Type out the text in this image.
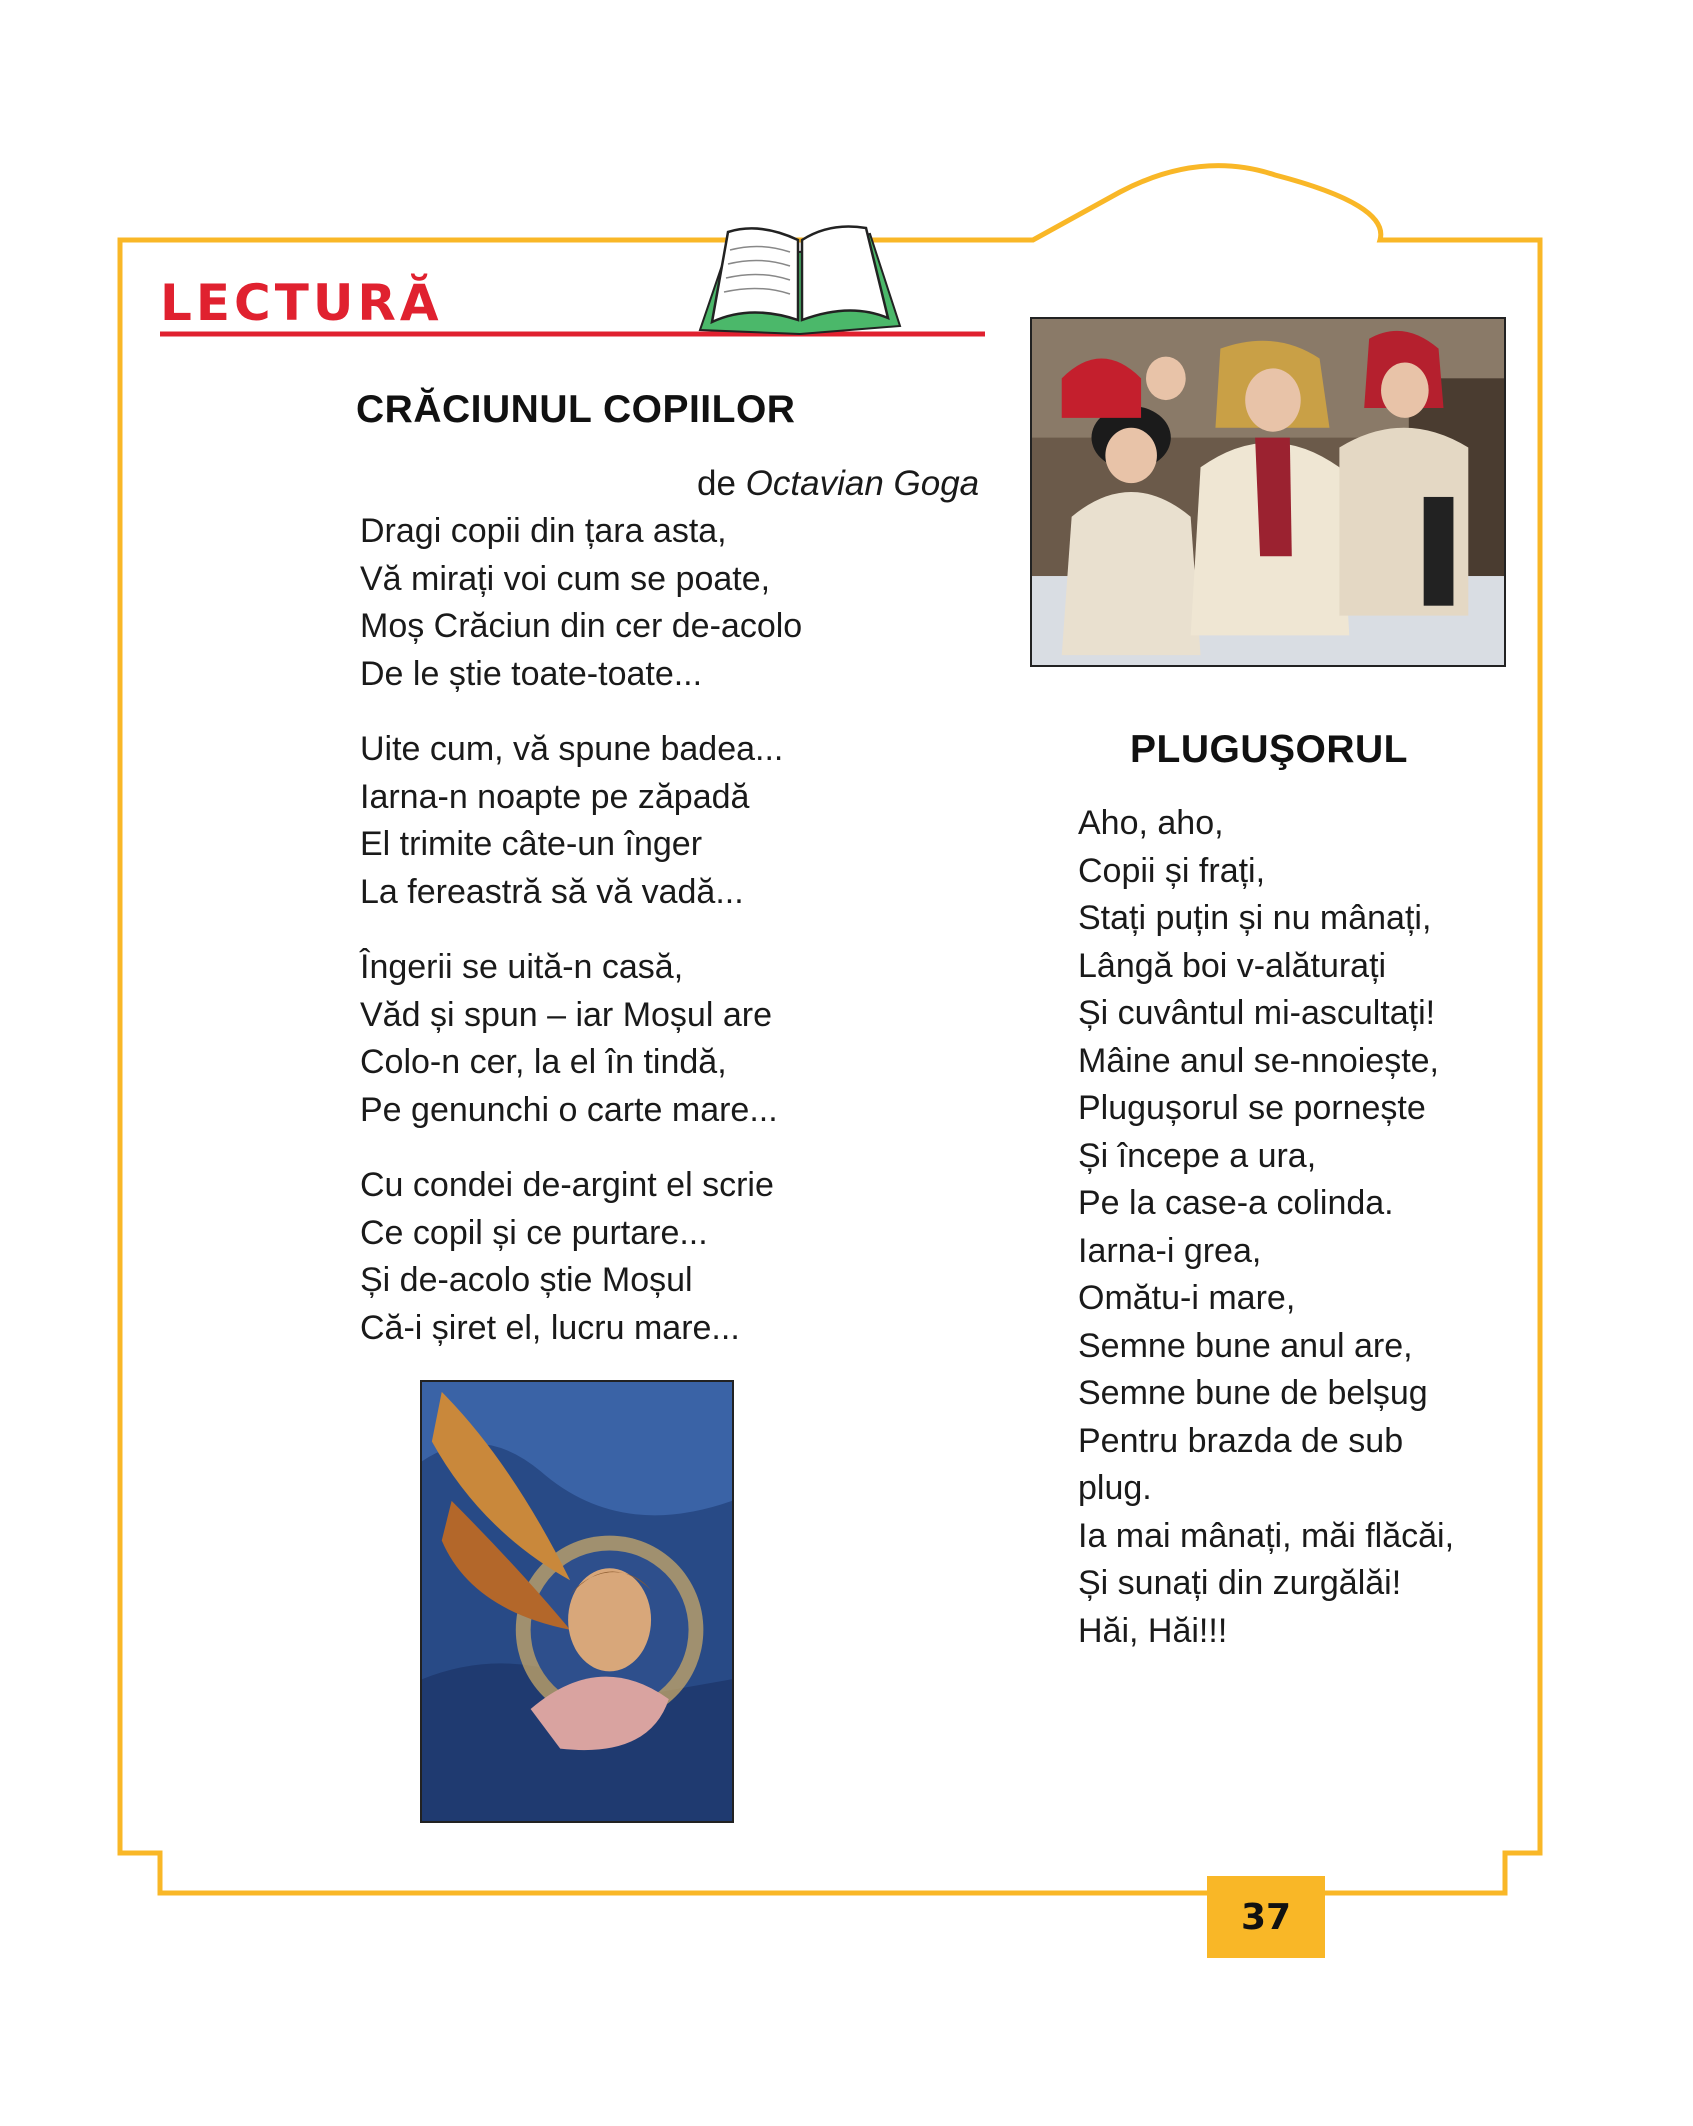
LECTURĂ
CRĂCIUNUL COPIILOR
de Octavian Goga
Dragi copii din țara asta,
Vă mirați voi cum se poate,
Moș Crăciun din cer de-acolo
De le știe toate-toate...
Uite cum, vă spune badea...
Iarna-n noapte pe zăpadă
El trimite câte-un înger
La fereastră să vă vadă...
Îngerii se uită-n casă,
Văd și spun – iar Moșul are
Colo-n cer, la el în tindă,
Pe genunchi o carte mare...
Cu condei de-argint el scrie
Ce copil și ce purtare...
Și de-acolo știe Moșul
Că-i șiret el, lucru mare...
PLUGUŞORUL
Aho, aho,
Copii și frați,
Stați puțin și nu mânați,
Lângă boi v-alăturați
Și cuvântul mi-ascultați!
Mâine anul se-nnoiește,
Plugușorul se pornește
Și începe a ura,
Pe la case-a colinda.
Iarna-i grea,
Omătu-i mare,
Semne bune anul are,
Semne bune de belșug
Pentru brazda de sub
plug.
Ia mai mânați, măi flăcăi,
Și sunați din zurgălăi!
Hăi, Hăi!!!
37
